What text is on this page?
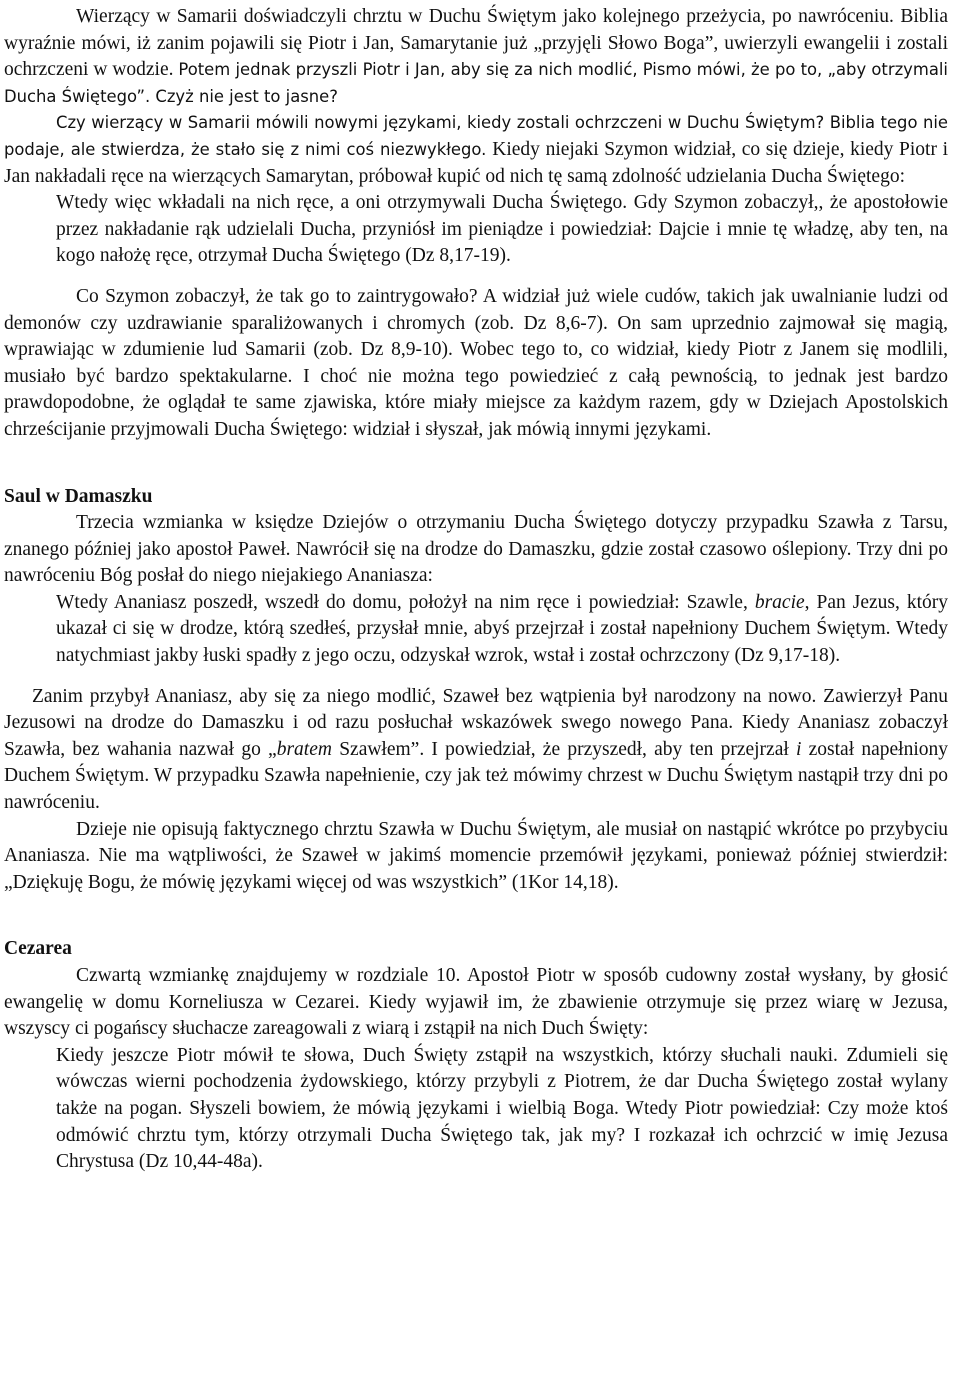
Wierzący w Samarii doświadczyli chrztu w Duchu Świętym jako kolejnego przeżycia, po nawróceniu. Biblia wyraźnie mówi, iż zanim pojawili się Piotr i Jan, Samarytanie już „przyjęli Słowo Boga”, uwierzyli ewangelii i zostali ochrzczeni w wodzie. Potem jednak przyszli Piotr i Jan, aby się za nich modlić, Pismo mówi, że po to, „aby otrzymali Ducha Świętego”. Czyż nie jest to jasne?

Czy wierzący w Samarii mówili nowymi językami, kiedy zostali ochrzczeni w Duchu Świętym? Biblia tego nie podaje, ale stwierdza, że stało się z nimi coś niezwykłego. Kiedy niejaki Szymon widział, co się dzieje, kiedy Piotr i Jan nakładali ręce na wierzących Samarytan, próbował kupić od nich tę samą zdolność udzielania Ducha Świętego:

Wtedy więc wkładali na nich ręce, a oni otrzymywali Ducha Świętego. Gdy Szymon zobaczył,, że apostołowie przez nakładanie rąk udzielali Ducha, przyniósł im pieniądze i powiedział: Dajcie i mnie tę władzę, aby ten, na kogo nałożę ręce, otrzymał Ducha Świętego (Dz 8,17-19).

Co Szymon zobaczył, że tak go to zaintrygowało? A widział już wiele cudów, takich jak uwalnianie ludzi od demonów czy uzdrawianie sparaliżowanych i chromych (zob. Dz 8,6-7). On sam uprzednio zajmował się magią, wprawiając w zdumienie lud Samarii (zob. Dz 8,9-10). Wobec tego to, co widział, kiedy Piotr z Janem się modlili, musiało być bardzo spektakularne. I choć nie można tego powiedzieć z całą pewnością, to jednak jest bardzo prawdopodobne, że oglądał te same zjawiska, które miały miejsce za każdym razem, gdy w Dziejach Apostolskich chrześcijanie przyjmowali Ducha Świętego: widział i słyszał, jak mówią innymi językami.

Saul w Damaszku

Trzecia wzmianka w księdze Dziejów o otrzymaniu Ducha Świętego dotyczy przypadku Szawła z Tarsu, znanego później jako apostoł Paweł. Nawrócił się na drodze do Damaszku, gdzie został czasowo oślepiony. Trzy dni po nawróceniu Bóg posłał do niego niejakiego Ananiasza:

Wtedy Ananiasz poszedł, wszedł do domu, położył na nim ręce i powiedział: Szawle, bracie, Pan Jezus, który ukazał ci się w drodze, którą szedłeś, przysłał mnie, abyś przejrzał i został napełniony Duchem Świętym. Wtedy natychmiast jakby łuski spadły z jego oczu, odzyskał wzrok, wstał i został ochrzczony (Dz 9,17-18).

Zanim przybył Ananiasz, aby się za niego modlić, Szaweł bez wątpienia był narodzony na nowo. Zawierzył Panu Jezusowi na drodze do Damaszku i od razu posłuchał wskazówek swego nowego Pana. Kiedy Ananiasz zobaczył Szawła, bez wahania nazwał go „bratem Szawłem”. I powiedział, że przyszedł, aby ten przejrzał i został napełniony Duchem Świętym. W przypadku Szawła napełnienie, czy jak też mówimy chrzest w Duchu Świętym nastąpił trzy dni po nawróceniu.

Dzieje nie opisują faktycznego chrztu Szawła w Duchu Świętym, ale musiał on nastąpić wkrótce po przybyciu Ananiasza. Nie ma wątpliwości, że Szaweł w jakimś momencie przemówił językami, ponieważ później stwierdził: „Dziękuję Bogu, że mówię językami więcej od was wszystkich” (1Kor 14,18).

Cezarea

Czwartą wzmiankę znajdujemy w rozdziale 10. Apostoł Piotr w sposób cudowny został wysłany, by głosić ewangelię w domu Korneliusza w Cezarei. Kiedy wyjawił im, że zbawienie otrzymuje się przez wiarę w Jezusa, wszyscy ci pogańscy słuchacze zareagowali z wiarą i zstąpił na nich Duch Święty:

Kiedy jeszcze Piotr mówił te słowa, Duch Święty zstąpił na wszystkich, którzy słuchali nauki. Zdumieli się wówczas wierni pochodzenia żydowskiego, którzy przybyli z Piotrem, że dar Ducha Świętego został wylany także na pogan. Słyszeli bowiem, że mówią językami i wielbią Boga. Wtedy Piotr powiedział: Czy może ktoś odmówić chrztu tym, którzy otrzymali Ducha Świętego tak, jak my? I rozkazał ich ochrzcić w imię Jezusa Chrystusa (Dz 10,44-48a).
